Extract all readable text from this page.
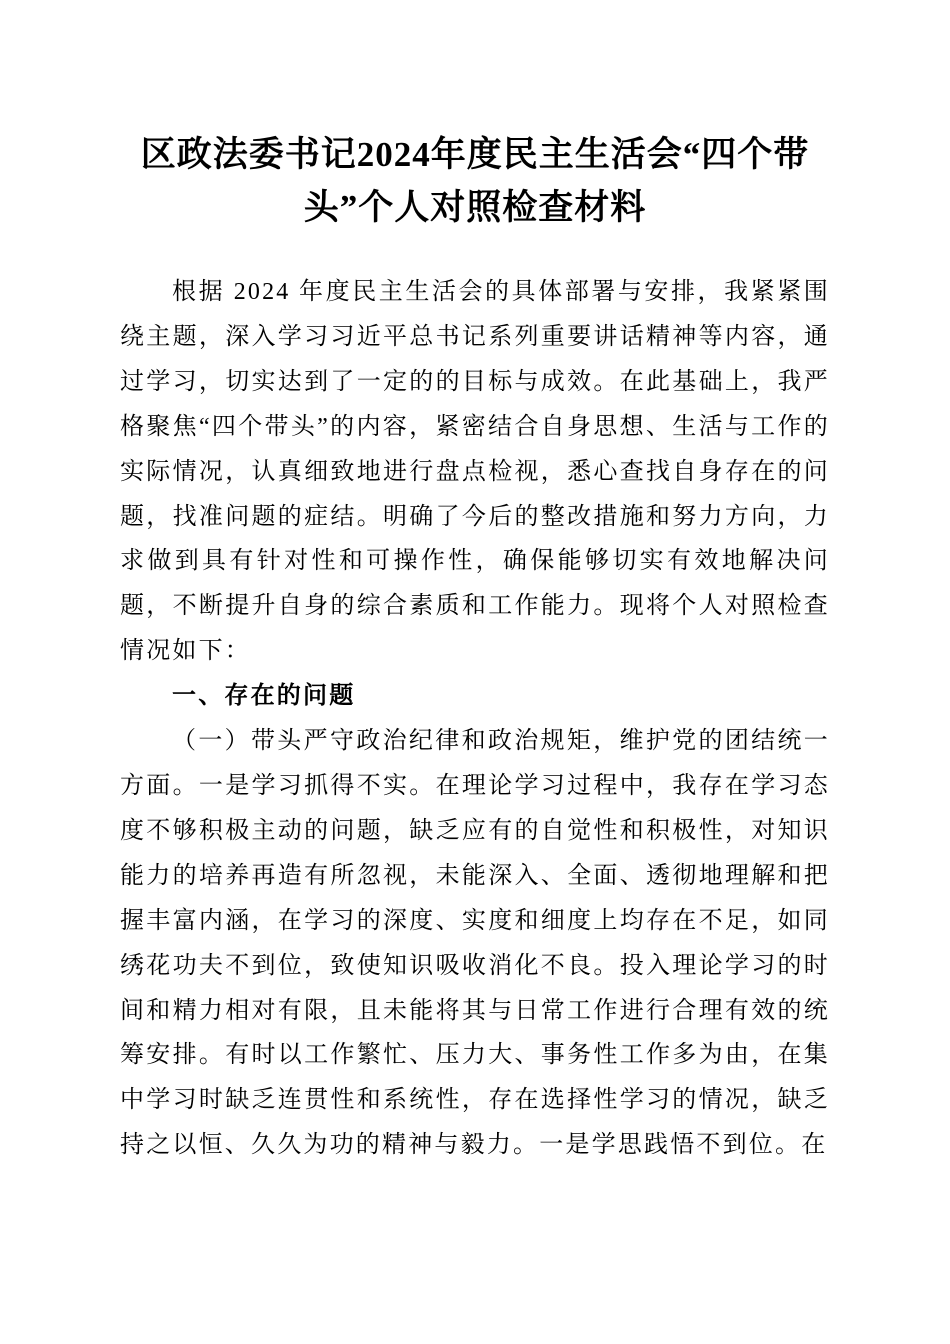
区政法委书记2024年度民主生活会“四个带头”个人对照检查材料

根据 2024 年度民主生活会的具体部署与安排，我紧紧围绕主题，深入学习习近平总书记系列重要讲话精神等内容，通过学习，切实达到了一定的的目标与成效。在此基础上，我严格聚焦“四个带头”的内容，紧密结合自身思想、生活与工作的实际情况，认真细致地进行盘点检视，悉心查找自身存在的问题，找准问题的症结。明确了今后的整改措施和努力方向，力求做到具有针对性和可操作性，确保能够切实有效地解决问题，不断提升自身的综合素质和工作能力。现将个人对照检查情况如下：

一、存在的问题

（一）带头严守政治纪律和政治规矩，维护党的团结统一方面。一是学习抓得不实。在理论学习过程中，我存在学习态度不够积极主动的问题，缺乏应有的自觉性和积极性，对知识能力的培养再造有所忽视，未能深入、全面、透彻地理解和把握丰富内涵，在学习的深度、实度和细度上均存在不足，如同绣花功夫不到位，致使知识吸收消化不良。投入理论学习的时间和精力相对有限，且未能将其与日常工作进行合理有效的统筹安排。有时以工作繁忙、压力大、事务性工作多为由，在集中学习时缺乏连贯性和系统性，存在选择性学习的情况，缺乏持之以恒、久久为功的精神与毅力。一是学思践悟不到位。在
